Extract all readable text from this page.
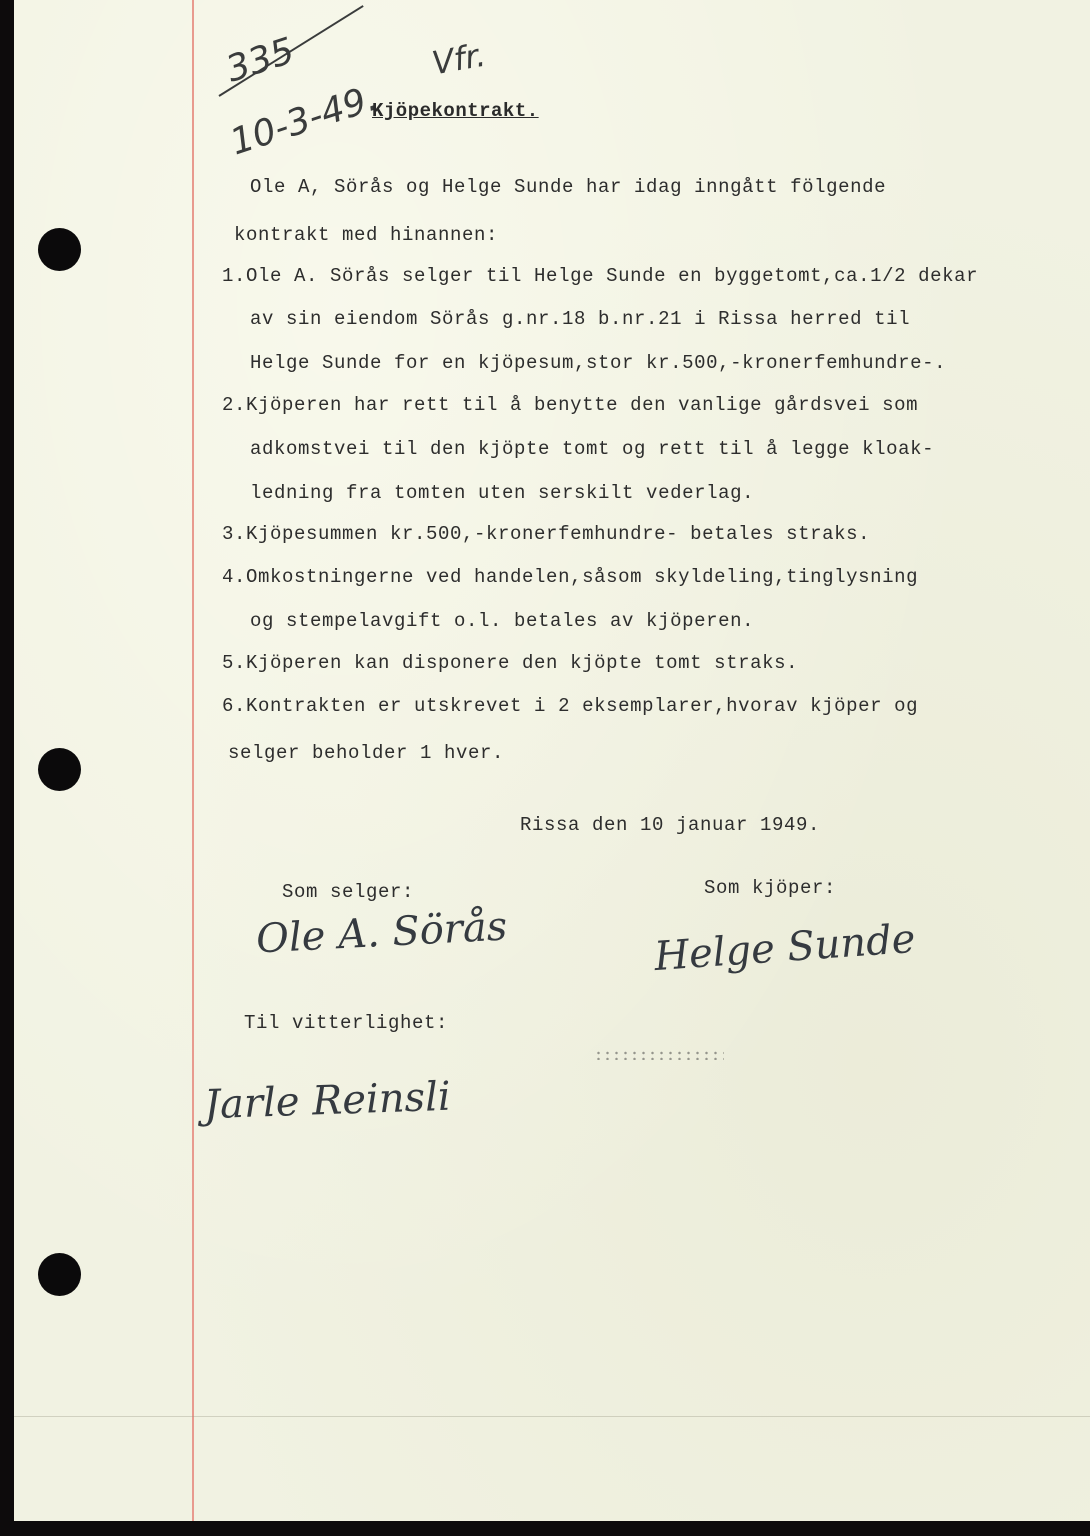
335
10-3-49.
Vfr.
Kjöpekontrakt.
Ole A, Sörås og Helge Sunde har idag inngått fölgende
kontrakt med hinannen:
1.Ole A. Sörås selger til Helge Sunde en byggetomt,ca.1/2 dekar
av sin eiendom Sörås g.nr.18 b.nr.21 i Rissa herred til
Helge Sunde for en kjöpesum,stor kr.500,-kronerfemhundre-.
2.Kjöperen har rett til å benytte den vanlige gårdsvei som
adkomstvei til den kjöpte tomt og rett til å legge kloak-
ledning fra tomten uten serskilt vederlag.
3.Kjöpesummen kr.500,-kronerfemhundre- betales straks.
4.Omkostningerne ved handelen,såsom skyldeling,tinglysning
og stempelavgift o.l. betales av kjöperen.
5.Kjöperen kan disponere den kjöpte tomt straks.
6.Kontrakten er utskrevet i 2 eksemplarer,hvorav kjöper og
selger beholder 1 hver.
Rissa den 10 januar 1949.
Som selger:	Som kjöper:
Ole A. Sörås	Helge Sunde
Til vitterlighet:
Jarle Reinsli
